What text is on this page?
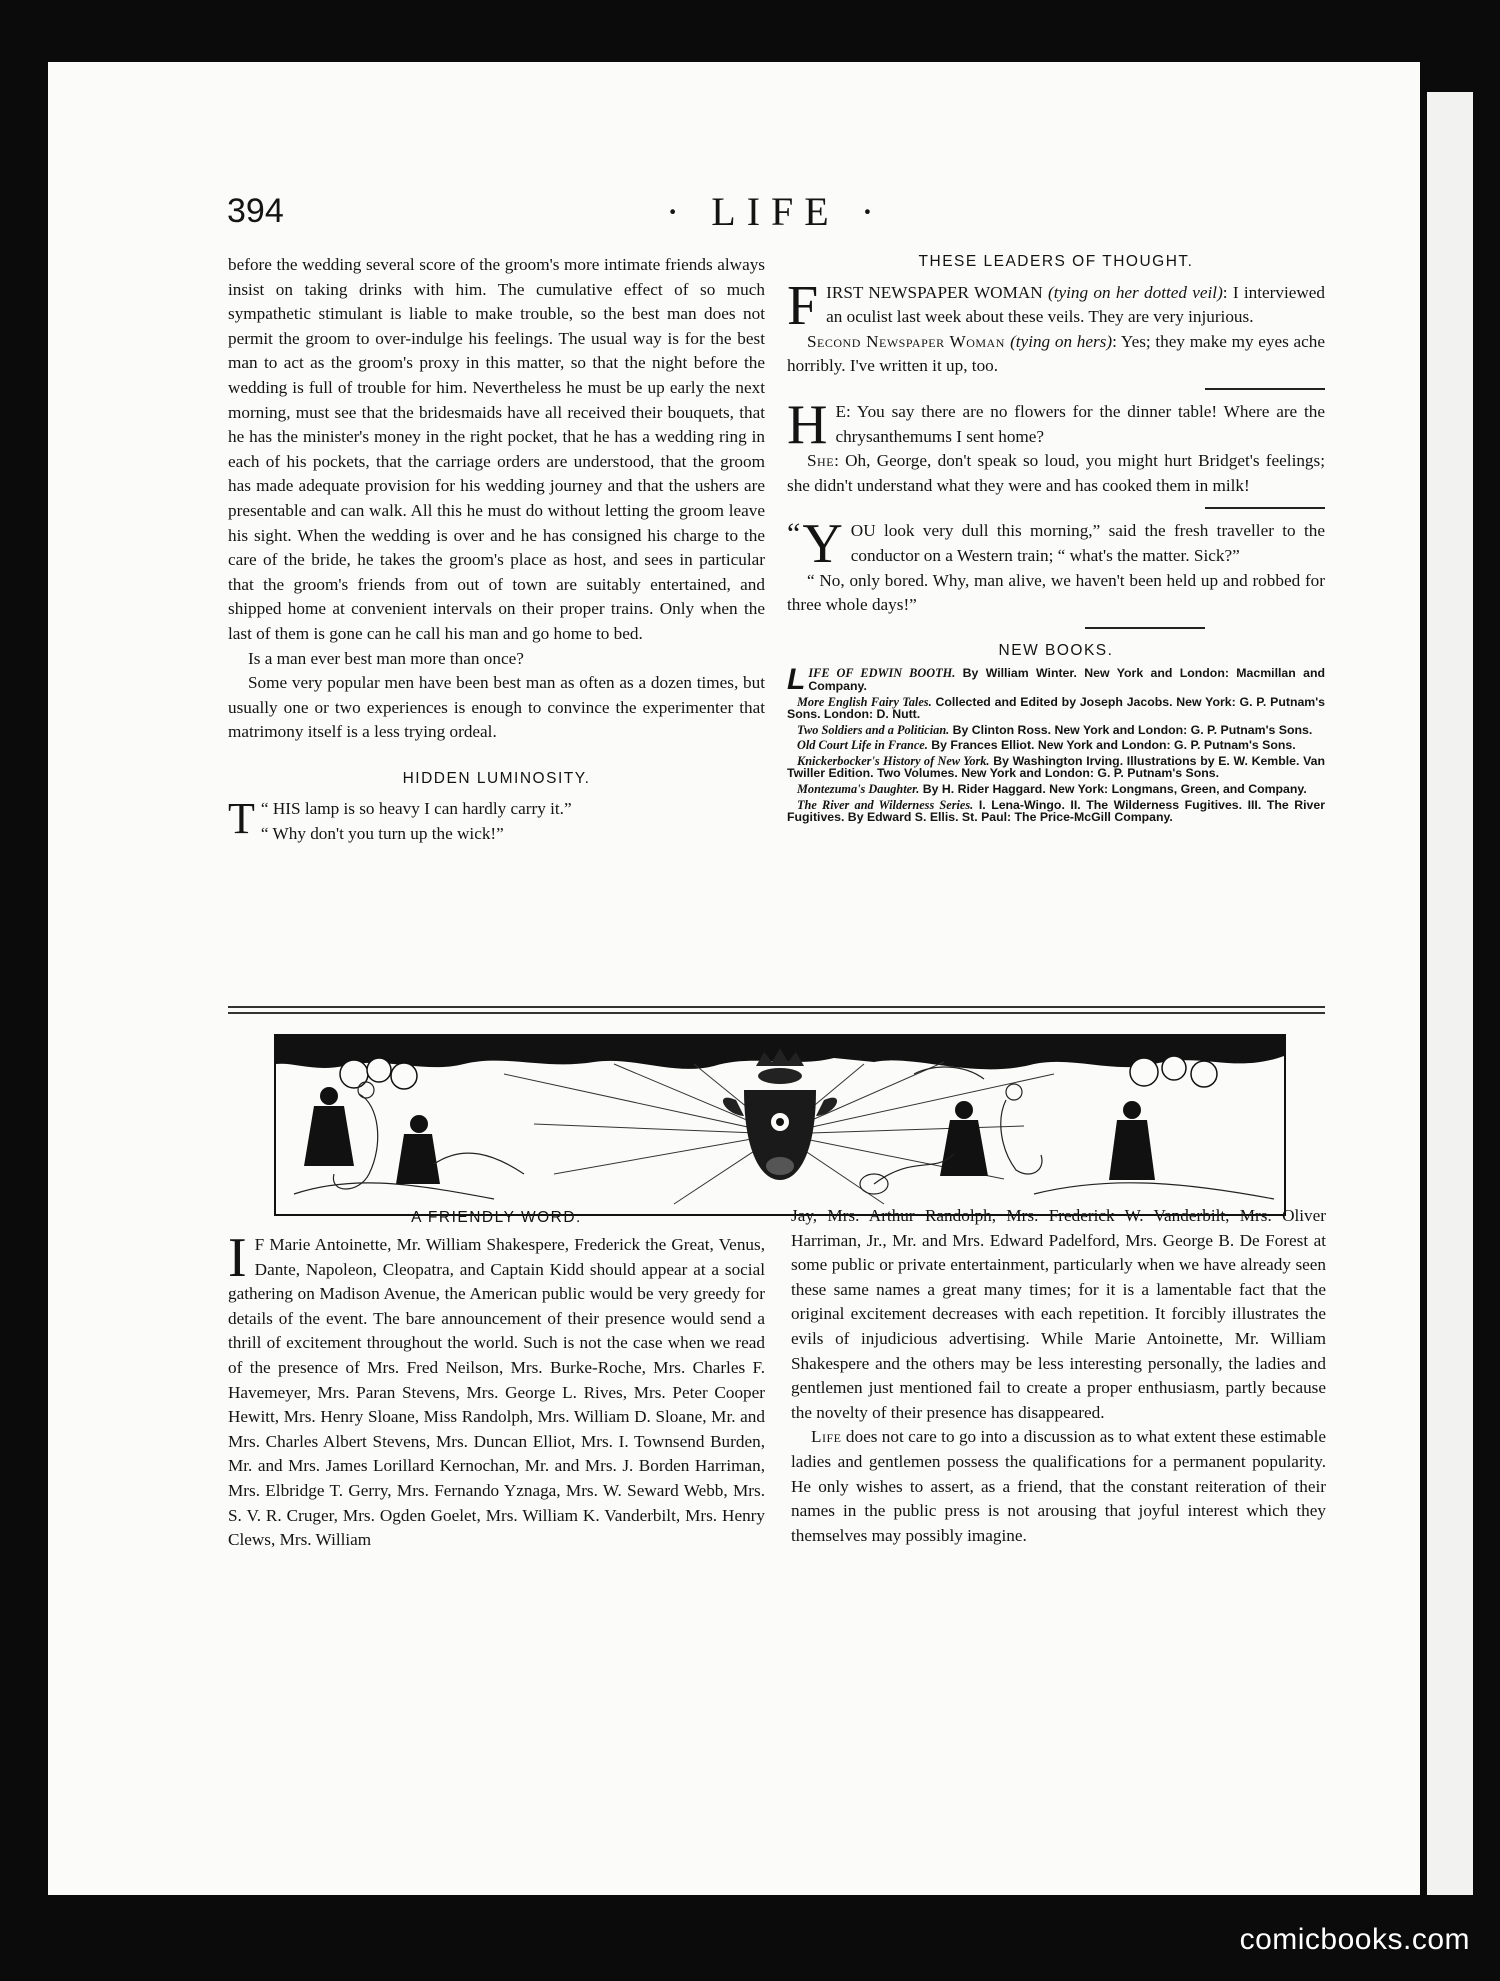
394	· LIFE ·

before the wedding several score of the groom's more intimate friends always insist on taking drinks with him. The cumulative effect of so much sympathetic stimulant is liable to make trouble, so the best man does not permit the groom to over-indulge his feelings. The usual way is for the best man to act as the groom's proxy in this matter, so that the night before the wedding is full of trouble for him. Nevertheless he must be up early the next morning, must see that the bridesmaids have all received their bouquets, that he has the minister's money in the right pocket, that he has a wedding ring in each of his pockets, that the carriage orders are understood, that the groom has made adequate provision for his wedding journey and that the ushers are presentable and can walk. All this he must do without letting the groom leave his sight. When the wedding is over and he has consigned his charge to the care of the bride, he takes the groom's place as host, and sees in particular that the groom's friends from out of town are suitably entertained, and shipped home at convenient intervals on their proper trains. Only when the last of them is gone can he call his man and go home to bed.

Is a man ever best man more than once?

Some very popular men have been best man as often as a dozen times, but usually one or two experiences is enough to convince the experimenter that matrimony itself is a less trying ordeal.

HIDDEN LUMINOSITY.

“
T HIS lamp is so heavy I can hardly carry it.”
“ Why don't you turn up the wick!”

THESE LEADERS OF THOUGHT.

FIRST NEWSPAPER WOMAN (tying on her dotted veil): I interviewed an oculist last week about these veils. They are very injurious.

Second Newspaper Woman (tying on hers): Yes; they make my eyes ache horribly. I've written it up, too.

H E: You say there are no flowers for the dinner table! Where are the chrysanthemums I sent home?

She: Oh, George, don't speak so loud, you might hurt Bridget's feelings; she didn't understand what they were and has cooked them in milk!

“ Y OU look very dull this morning,” said the fresh traveller to the conductor on a Western train; “ what's the matter. Sick?”

“ No, only bored. Why, man alive, we haven't been held up and robbed for three whole days!”

NEW BOOKS.

LIFE OF EDWIN BOOTH. By William Winter. New York and London: Macmillan and Company.

More English Fairy Tales. Collected and Edited by Joseph Jacobs. New York: G. P. Putnam's Sons. London: D. Nutt.

Two Soldiers and a Politician. By Clinton Ross. New York and London: G. P. Putnam's Sons.

Old Court Life in France. By Frances Elliot. New York and London: G. P. Putnam's Sons.

Knickerbocker's History of New York. By Washington Irving. Illustrations by E. W. Kemble. Van Twiller Edition. Two Volumes. New York and London: G. P. Putnam's Sons.

Montezuma's Daughter. By H. Rider Haggard. New York: Longmans, Green, and Company.

The River and Wilderness Series. I. Lena-Wingo. II. The Wilderness Fugitives. III. The River Fugitives. By Edward S. Ellis. St. Paul: The Price-McGill Company.

A FRIENDLY WORD.

I F Marie Antoinette, Mr. William Shakespere, Frederick the Great, Venus, Dante, Napoleon, Cleopatra, and Captain Kidd should appear at a social gathering on Madison Avenue, the American public would be very greedy for details of the event. The bare announcement of their presence would send a thrill of excitement throughout the world. Such is not the case when we read of the presence of Mrs. Fred Neilson, Mrs. Burke-Roche, Mrs. Charles F. Havemeyer, Mrs. Paran Stevens, Mrs. George L. Rives, Mrs. Peter Cooper Hewitt, Mrs. Henry Sloane, Miss Randolph, Mrs. William D. Sloane, Mr. and Mrs. Charles Albert Stevens, Mrs. Duncan Elliot, Mrs. I. Townsend Burden, Mr. and Mrs. James Lorillard Kernochan, Mr. and Mrs. J. Borden Harriman, Mrs. Elbridge T. Gerry, Mrs. Fernando Yznaga, Mrs. W. Seward Webb, Mrs. S. V. R. Cruger, Mrs. Ogden Goelet, Mrs. William K. Vanderbilt, Mrs. Henry Clews, Mrs. William

Jay, Mrs. Arthur Randolph, Mrs. Frederick W. Vanderbilt, Mrs. Oliver Harriman, Jr., Mr. and Mrs. Edward Padelford, Mrs. George B. De Forest at some public or private entertainment, particularly when we have already seen these same names a great many times; for it is a lamentable fact that the original excitement decreases with each repetition. It forcibly illustrates the evils of injudicious advertising. While Marie Antoinette, Mr. William Shakespere and the others may be less interesting personally, the ladies and gentlemen just mentioned fail to create a proper enthusiasm, partly because the novelty of their presence has disappeared.

Life does not care to go into a discussion as to what extent these estimable ladies and gentlemen possess the qualifications for a permanent popularity. He only wishes to assert, as a friend, that the constant reiteration of their names in the public press is not arousing that joyful interest which they themselves may possibly imagine.

comicbooks.com
